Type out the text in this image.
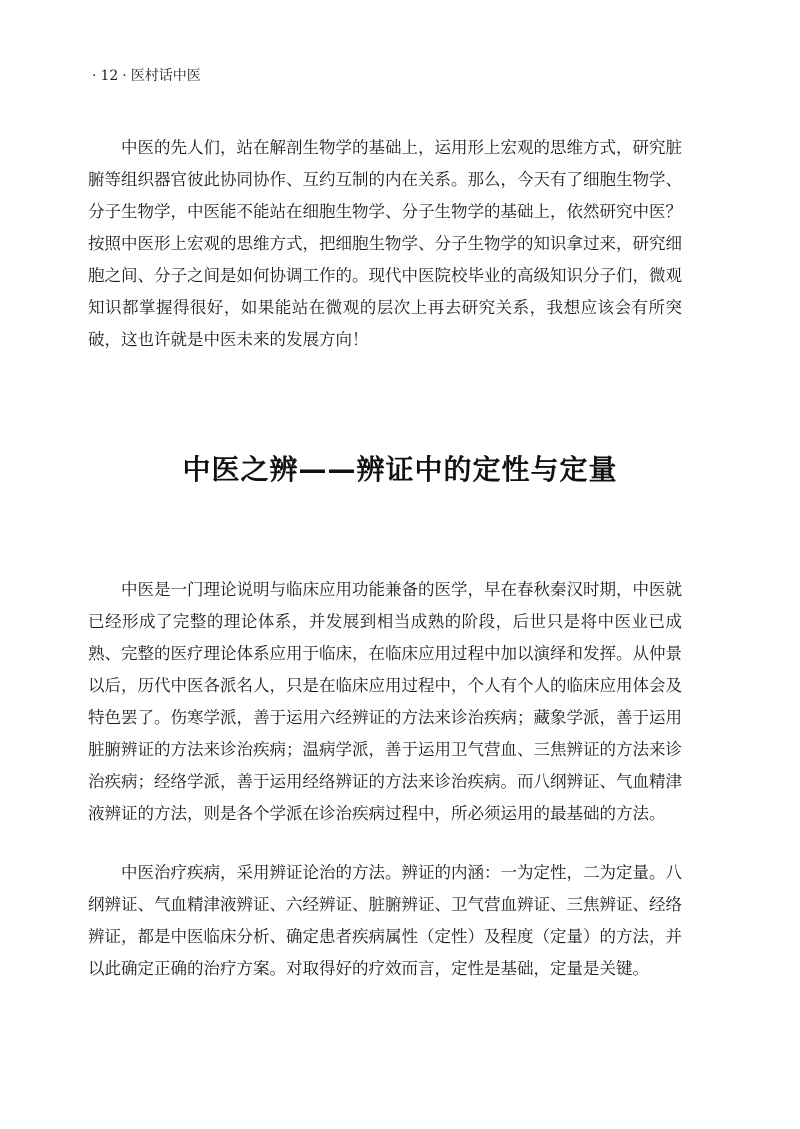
· 12 · 医村话中医

中医的先人们，站在解剖生物学的基础上，运用形上宏观的思维方式，研究脏腑等组织器官彼此协同协作、互约互制的内在关系。那么，今天有了细胞生物学、分子生物学，中医能不能站在细胞生物学、分子生物学的基础上，依然研究中医？按照中医形上宏观的思维方式，把细胞生物学、分子生物学的知识拿过来，研究细胞之间、分子之间是如何协调工作的。现代中医院校毕业的高级知识分子们，微观知识都掌握得很好，如果能站在微观的层次上再去研究关系，我想应该会有所突破，这也许就是中医未来的发展方向！

中医之辨——辨证中的定性与定量

中医是一门理论说明与临床应用功能兼备的医学，早在春秋秦汉时期，中医就已经形成了完整的理论体系，并发展到相当成熟的阶段，后世只是将中医业已成熟、完整的医疗理论体系应用于临床，在临床应用过程中加以演绎和发挥。从仲景以后，历代中医各派名人，只是在临床应用过程中，个人有个人的临床应用体会及特色罢了。伤寒学派，善于运用六经辨证的方法来诊治疾病；藏象学派，善于运用脏腑辨证的方法来诊治疾病；温病学派，善于运用卫气营血、三焦辨证的方法来诊治疾病；经络学派，善于运用经络辨证的方法来诊治疾病。而八纲辨证、气血精津液辨证的方法，则是各个学派在诊治疾病过程中，所必须运用的最基础的方法。

中医治疗疾病，采用辨证论治的方法。辨证的内涵：一为定性，二为定量。八纲辨证、气血精津液辨证、六经辨证、脏腑辨证、卫气营血辨证、三焦辨证、经络辨证，都是中医临床分析、确定患者疾病属性（定性）及程度（定量）的方法，并以此确定正确的治疗方案。对取得好的疗效而言，定性是基础，定量是关键。
